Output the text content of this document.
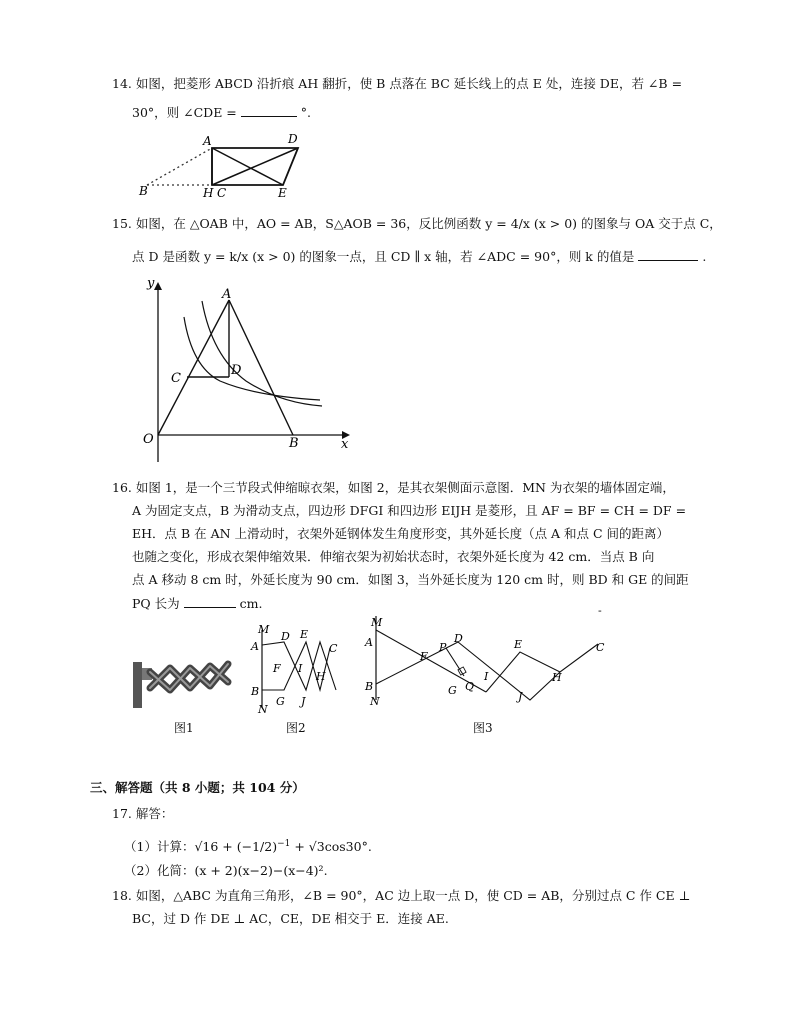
14. 如图，把菱形 ABCD 沿折痕 AH 翻折，使 B 点落在 BC 延长线上的点 E 处，连接 DE，若 ∠B =
30°，则 ∠CDE =	°.
A	D
B	H C	E
15. 如图，在 △OAB 中，AO = AB，S△AOB = 36，反比例函数 y = 4/x (x > 0) 的图象与 OA 交于点 C，
点 D 是函数 y = k/x (x > 0) 的图象一点，且 CD ∥ x 轴，若 ∠ADC = 90°，则 k 的值是	.
y
A
C
D
O	B	x
16. 如图 1，是一个三节段式伸缩晾衣架，如图 2，是其衣架侧面示意图．MN 为衣架的墙体固定端，
A 为固定支点，B 为滑动支点，四边形 DFGI 和四边形 EIJH 是菱形，且 AF = BF = CH = DF =
EH．点 B 在 AN 上滑动时，衣架外延钢体发生角度形变，其外延长度（点 A 和点 C 间的距离）
也随之变化，形成衣架伸缩效果．伸缩衣架为初始状态时，衣架外延长度为 42 cm．当点 B 向
点 A 移动 8 cm 时，外延长度为 90 cm．如图 3，当外延长度为 120 cm 时，则 BD 和 GE 的间距
PQ 长为	cm.	-
M
A
B
N
D E
F I
G J
H
C
M
A
B
N
F
P
D
G Q
I
E
J
H
C
图1	图2	图3
三、解答题（共 8 小题；共 104 分）
17. 解答：
（1）计算：$√16 + (-1/2)^{-1} + √3\cos 30^\circ$.
（2）化简：(x + 2)(x−2)−(x−4)².
18. 如图，△ABC 为直角三角形，∠B = 90°，AC 边上取一点 D，使 CD = AB，分别过点 C 作 CE ⊥
BC，过 D 作 DE ⊥ AC，CE，DE 相交于 E．连接 AE.
